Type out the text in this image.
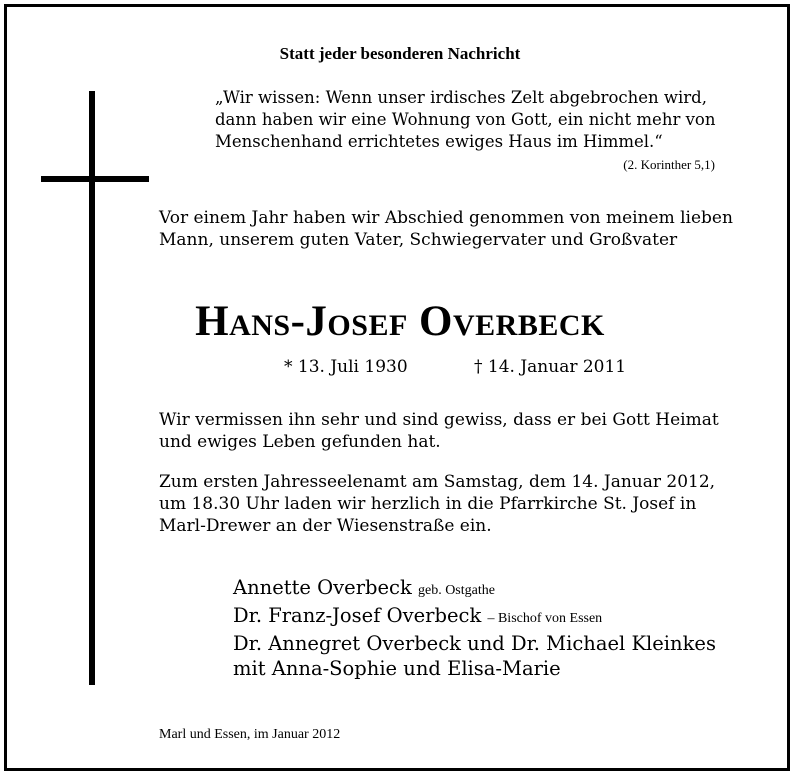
Statt jeder besonderen Nachricht
„Wir wissen: Wenn unser irdisches Zelt abgebrochen wird,
dann haben wir eine Wohnung von Gott, ein nicht mehr von
Menschenhand errichtetes ewiges Haus im Himmel.“
(2. Korinther 5,1)
Vor einem Jahr haben wir Abschied genommen von meinem lieben
Mann, unserem guten Vater, Schwiegervater und Großvater
Hans-Josef Overbeck
* 13. Juli 1930	† 14. Januar 2011
Wir vermissen ihn sehr und sind gewiss, dass er bei Gott Heimat
und ewiges Leben gefunden hat.
Zum ersten Jahresseelenamt am Samstag, dem 14. Januar 2012,
um 18.30 Uhr laden wir herzlich in die Pfarrkirche St. Josef in
Marl-Drewer an der Wiesenstraße ein.
Annette Overbeck geb. Ostgathe
Dr. Franz-Josef Overbeck – Bischof von Essen
Dr. Annegret Overbeck und Dr. Michael Kleinkes
mit Anna-Sophie und Elisa-Marie
Marl und Essen, im Januar 2012
